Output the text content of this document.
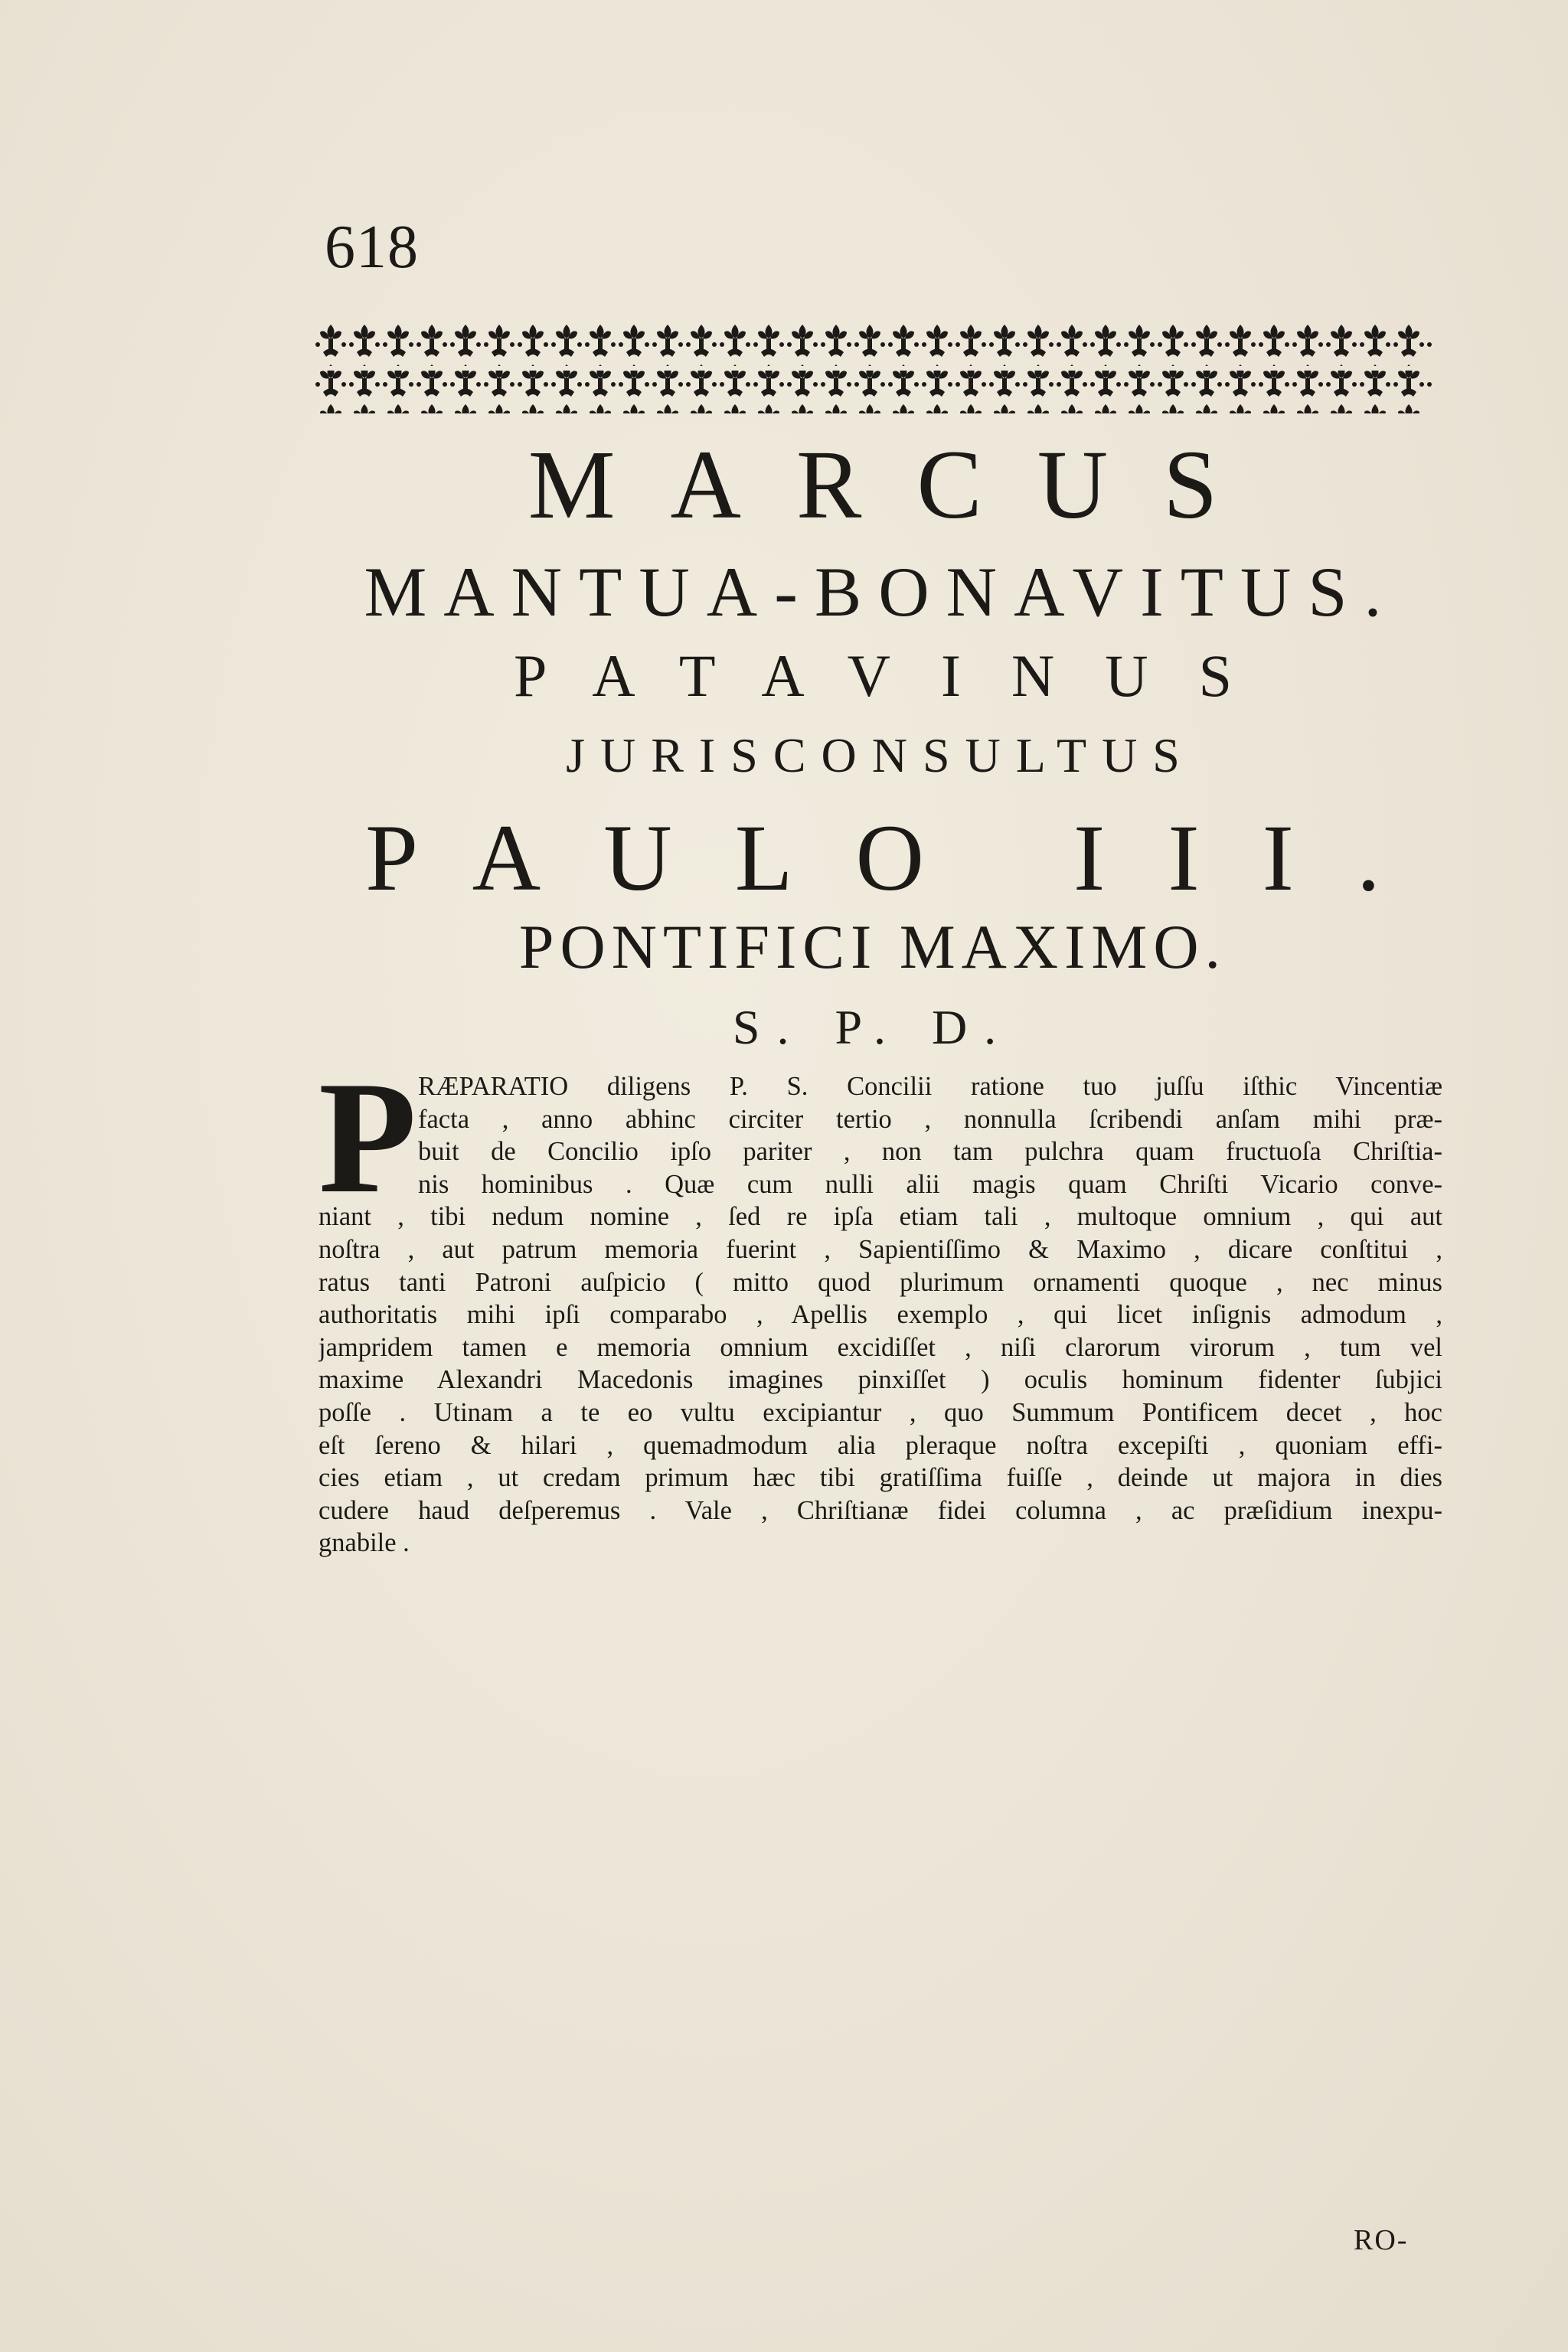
618
MARCUS
MANTUA-BONAVITUS.
PATAVINUS
JURISCONSULTUS
PAULO III.
PONTIFICI MAXIMO.
S. P. D.
P RÆPARATIO diligens P. S. Concilii ratione tuo juſſu iſthic Vincentiæ
facta , anno abhinc circiter tertio , nonnulla ſcribendi anſam mihi præ-
buit de Concilio ipſo pariter , non tam pulchra quam fructuoſa Chriſtia-
nis hominibus . Quæ cum nulli alii magis quam Chriſti Vicario conve-
niant , tibi nedum nomine , ſed re ipſa etiam tali , multoque omnium , qui aut
noſtra , aut patrum memoria fuerint , Sapientiſſimo & Maximo , dicare conſtitui ,
ratus tanti Patroni auſpicio ( mitto quod plurimum ornamenti quoque , nec minus
authoritatis mihi ipſi comparabo , Apellis exemplo , qui licet inſignis admodum ,
jampridem tamen e memoria omnium excidiſſet , niſi clarorum virorum , tum vel
maxime Alexandri Macedonis imagines pinxiſſet ) oculis hominum fidenter ſubjici
poſſe . Utinam a te eo vultu excipiantur , quo Summum Pontificem decet , hoc
eſt ſereno & hilari , quemadmodum alia pleraque noſtra excepiſti , quoniam effi-
cies etiam , ut credam primum hæc tibi gratiſſima fuiſſe , deinde ut majora in dies
cudere haud deſperemus . Vale , Chriſtianæ fidei columna , ac præſidium inexpu-
gnabile .
RO-
